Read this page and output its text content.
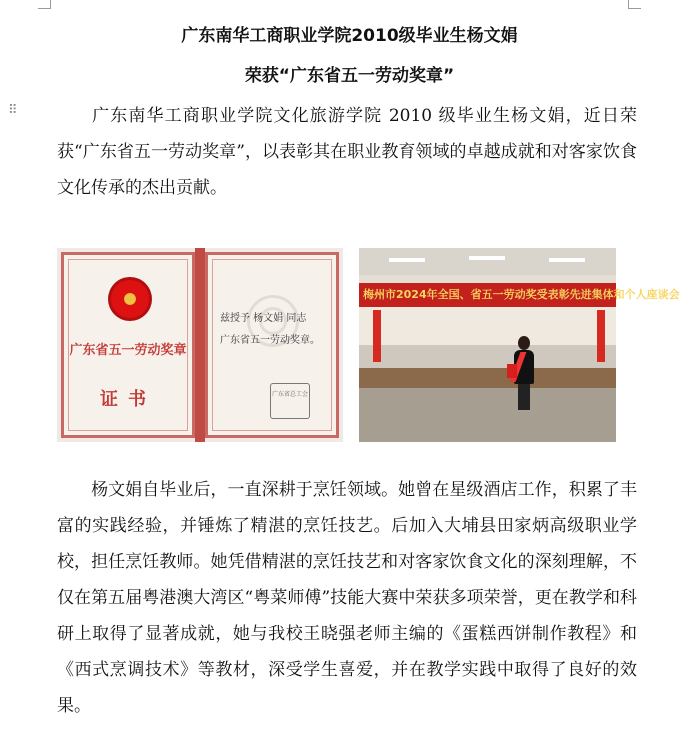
⠿
广东南华工商职业学院2010级毕业生杨文娟
荣获“广东省五一劳动奖章”
广东南华工商职业学院文化旅游学院 2010 级毕业生杨文娟，近日荣获“广东省五一劳动奖章”，以表彰其在职业教育领域的卓越成就和对客家饮食文化传承的杰出贡献。
广东省五一劳动奖章
证书
兹授予 杨文娟 同志
广东省五一劳动奖章。
广东省总工会
梅州市2024年全国、省五一劳动奖受表彰先进集体和个人座谈会
杨文娟自毕业后，一直深耕于烹饪领域。她曾在星级酒店工作，积累了丰富的实践经验，并锤炼了精湛的烹饪技艺。后加入大埔县田家炳高级职业学校，担任烹饪教师。她凭借精湛的烹饪技艺和对客家饮食文化的深刻理解，不仅在第五届粤港澳大湾区“粤菜师傅”技能大赛中荣获多项荣誉，更在教学和科研上取得了显著成就，她与我校王晓强老师主编的《蛋糕西饼制作教程》和《西式烹调技术》等教材，深受学生喜爱，并在教学实践中取得了良好的效果。
